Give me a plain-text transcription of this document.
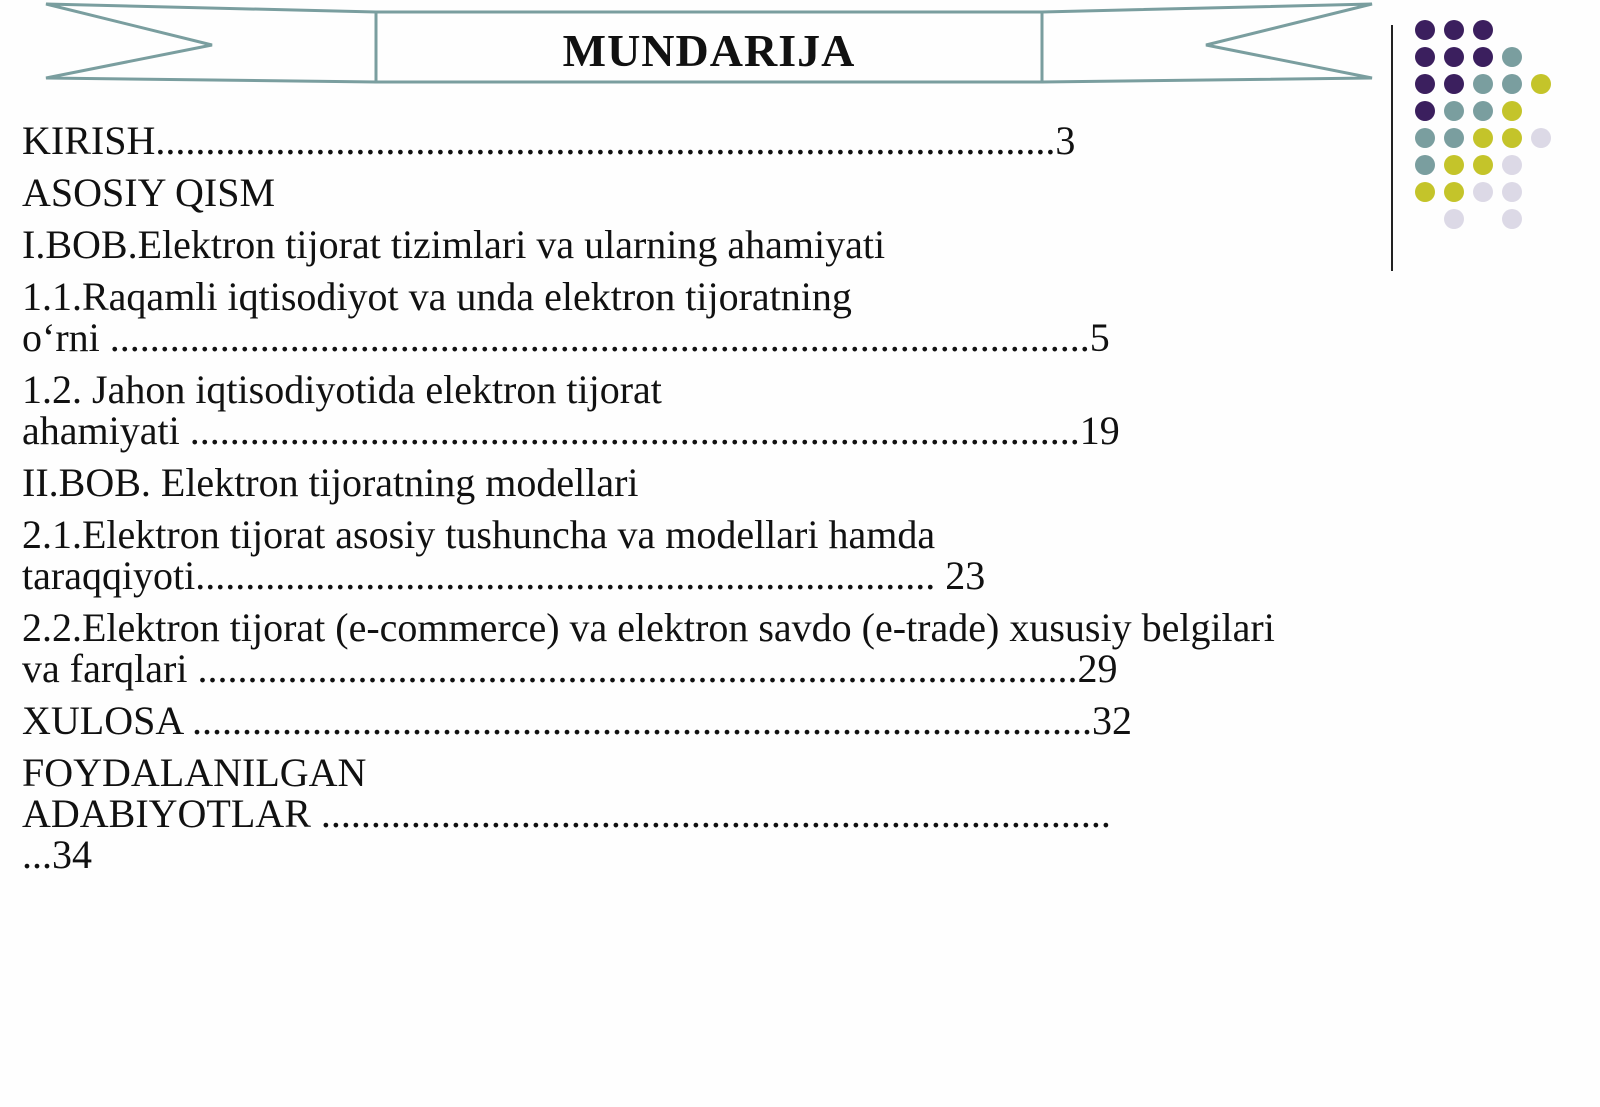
MUNDARIJA
KIRISH..........................................................................................3
ASOSIY QISM
I.BOB.Elektron tijorat tizimlari va ularning ahamiyati
1.1.Raqamli iqtisodiyot va unda elektron tijoratning
o‘rni ..................................................................................................5
1.2. Jahon iqtisodiyotida elektron tijorat
ahamiyati .........................................................................................19
II.BOB. Elektron tijoratning modellari
2.1.Elektron tijorat asosiy tushuncha va modellari hamda
taraqqiyoti.......................................................................... 23
2.2.Elektron tijorat (e-commerce) va elektron savdo (e-trade) xususiy belgilari
va farqlari ........................................................................................29
XULOSA ..........................................................................................32
FOYDALANILGAN
ADABIYOTLAR ...............................................................................
...34
